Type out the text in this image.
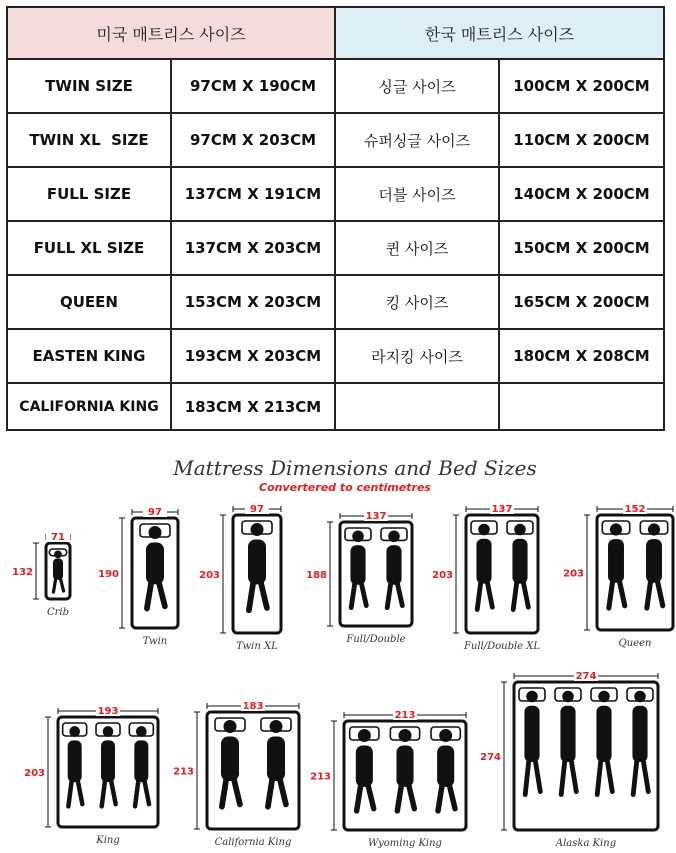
미국 매트리스 사이즈		한국 매트리스 사이즈	
TWIN SIZE	97CM X 190CM	싱글 사이즈	100CM X 200CM
TWIN XL  SIZE	97CM X 203CM	슈퍼싱글 사이즈	110CM X 200CM
FULL SIZE	137CM X 191CM	더블 사이즈	140CM X 200CM
FULL XL SIZE	137CM X 203CM	퀸 사이즈	150CM X 200CM
QUEEN	153CM X 203CM	킹 사이즈	165CM X 200CM
EASTEN KING	193CM X 203CM	라지킹 사이즈	180CM X 208CM
CALIFORNIA KING	183CM X 213CM		
Mattress Dimensions and Bed Sizes
Convertered to centimetres
71
132
Crib
97
190
Twin
97
203
Twin XL
137
188
Full/Double
137
203
Full/Double XL
152
203
Queen
193
203
King
183
213
California King
213
213
Wyoming King
274
274
Alaska King
